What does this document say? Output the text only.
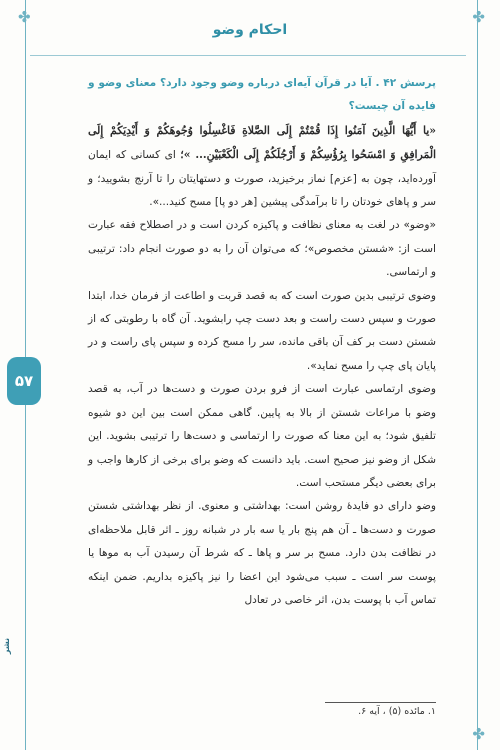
✤	✤
✤
احکام وضو
۵۷

پرسش ۴۲ . آیا در قرآن آیه‌ای درباره وضو وجود دارد؟ معنای وضو و فایده آن چیست؟

«یا أَيُّهَا الَّذِينَ آمَنُوا إِذَا قُمْتُمْ إِلَى الصَّلاةِ فَاغْسِلُوا وُجُوهَكُمْ وَ أَيْدِيَكُمْ إِلَى الْمَرافِقِ وَ امْسَحُوا بِرُؤُسِكُمْ وَ أَرْجُلَكُمْ إِلَى الْكَعْبَيْنِ... »؛ ای کسانی که ایمان آورده‌اید، چون به [عزم] نماز برخیزید، صورت و دستهایتان را تا آرنج بشویید؛ و سر و پاهای خودتان را تا برآمدگی پیشین [هر دو پا] مسح کنید...».

«وضو» در لغت به معنای نظافت و پاکیزه کردن است و در اصطلاح فقه عبارت است از: «شستن مخصوص»؛ که می‌توان آن را به دو صورت انجام داد: ترتیبی و ارتماسی.

وضوی ترتیبی بدین صورت است که به قصد قربت و اطاعت از فرمان خدا، ابتدا صورت و سپس دست راست و بعد دست چپ رابشوید. آن گاه با رطوبتی که از شستن دست بر کف آن باقی مانده، سر را مسح کرده و سپس پای راست و در پایان پای چپ را مسح نماید».

وضوی ارتماسی عبارت است از فرو بردن صورت و دست‌ها در آب، به قصد وضو با مراعات شستن از بالا به پایین. گاهی ممکن است بین این دو شیوه تلفیق شود؛ به این معنا که صورت را ارتماسی و دست‌ها را ترتیبی بشوید. این شکل از وضو نیز صحیح است. باید دانست که وضو برای برخی از کارها واجب و برای بعضی دیگر مستحب است.

وضو دارای دو فایدهٔ روشن است: بهداشتی و معنوی. از نظر بهداشتی شستن صورت و دست‌ها ـ آن هم پنج بار یا سه بار در شبانه روز ـ اثر قابل ملاحظه‌ای در نظافت بدن دارد. مسح بر سر و پاها ـ که شرط آن رسیدن آب به موها یا پوست سر است ـ سبب می‌شود این اعضا را نیز پاکیزه بداریم. ضمن اینکه تماس آب با پوست بدن، اثر خاصی در تعادل

۱. مائده (۵) ، آیه ۶.
نشر
